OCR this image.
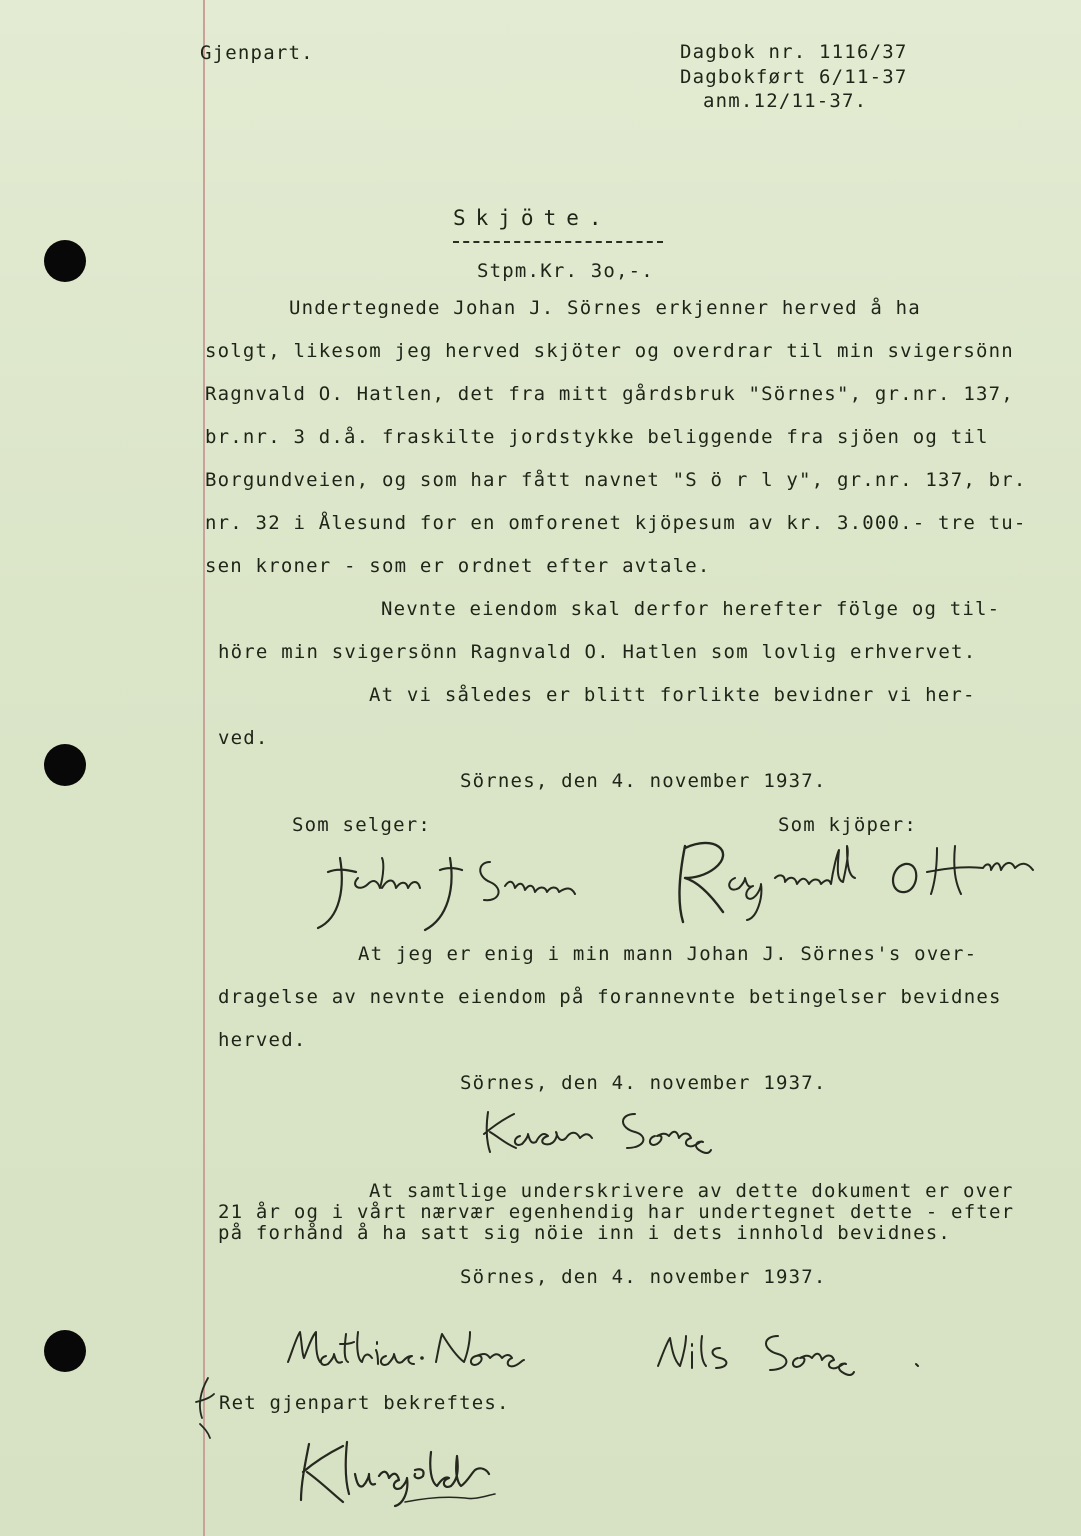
Gjenpart.	Dagbok nr. 1116/37
Dagbokført 6/11-37
anm.12/11-37.
Skjöte.
Stpm.Kr. 3o,-.
Undertegnede Johan J. Sörnes erkjenner herved å ha
solgt, likesom jeg herved skjöter og overdrar til min svigersönn
Ragnvald O. Hatlen, det fra mitt gårdsbruk "Sörnes", gr.nr. 137,
br.nr. 3 d.å. fraskilte jordstykke beliggende fra sjöen og til
Borgundveien, og som har fått navnet "S ö r l y", gr.nr. 137, br.
nr. 32 i Ålesund for en omforenet kjöpesum av kr. 3.000.- tre tu-
sen kroner - som er ordnet efter avtale.
Nevnte eiendom skal derfor herefter fölge og til-
höre min svigersönn Ragnvald O. Hatlen som lovlig erhvervet.
At vi således er blitt forlikte bevidner vi her-
ved.
Sörnes, den 4. november 1937.
Som selger:	Som kjöper:
At jeg er enig i min mann Johan J. Sörnes's over-
dragelse av nevnte eiendom på forannevnte betingelser bevidnes
herved.
Sörnes, den 4. november 1937.
At samtlige underskrivere av dette dokument er over
21 år og i vårt nærvær egenhendig har undertegnet dette - efter
på forhånd å ha satt sig nöie inn i dets innhold bevidnes.
Sörnes, den 4. november 1937.
Ret gjenpart bekreftes.
